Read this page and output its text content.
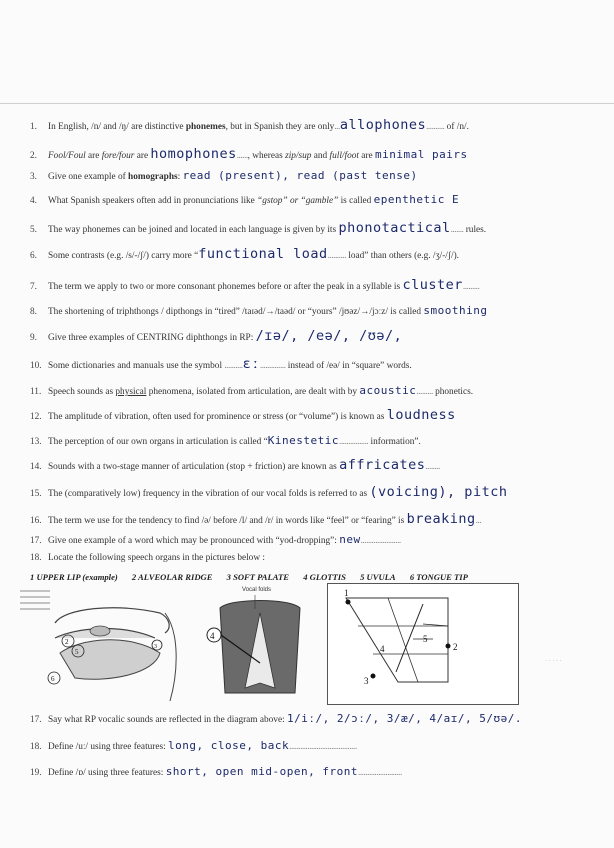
1. In English, /n/ and /ŋ/ are distinctive phonemes, but in Spanish they are only...allophones.......... of /n/.
2. Fool/Foul are fore/four are homophones......, whereas zip/sup and full/foot are minimal pairs
3. Give one example of homographs: read (present), read (past tense)
4. What Spanish speakers often add in pronunciations like “gstop” or “gamble” is called epenthetic E
5. The way phonemes can be joined and located in each language is given by its phonotactical....... rules.
6. Some contrasts (e.g. /s/-/ʃ/) carry more “functional load.......... load” than others (e.g. /ʒ/-/ʃ/).
7. The term we apply to two or more consonant phonemes before or after the peak in a syllable is cluster.........
8. The shortening of triphthongs / dipthongs in “tired” /taɪəd/→/taəd/ or “yours” /jʊəz/→/jɔːz/ is called smoothing
9. Give three examples of CENTRING diphthongs in RP: /ɪə/, /eə/, /ʊə/,
10. Some dictionaries and manuals use the symbol ..........ɛː.............. instead of /eə/ in “square” words.
11. Speech sounds as physical phenomena, isolated from articulation, are dealt with by acoustic......... phonetics.
12. The amplitude of vibration, often used for prominence or stress (or “volume”) is known as loudness
13. The perception of our own organs in articulation is called “Kinestetic................ information”.
14. Sounds with a two-stage manner of articulation (stop + friction) are known as affricates........
15. The (comparatively low) frequency in the vibration of our vocal folds is referred to as (voicing), pitch
16. The term we use for the tendency to find /ə/ before /l/ and /r/ in words like “feel” or “fearing” is breaking...
17. Give one example of a word which may be pronounced with “yod-dropping”: new......................
18. Locate the following speech organs in the pictures below :
1 UPPER LIP (example) 2 ALVEOLAR RIDGE 3 SOFT PALATE 4 GLOTTIS 5 UVULA 6 TONGUE TIP
2
5
6
3
Vocal folds
4
1
2
3
4
5
· · · · ·
17. Say what RP vocalic sounds are reflected in the diagram above: 1/iː/, 2/ɔː/, 3/æ/, 4/aɪ/, 5/ʊə/.
18. Define /uː/ using three features: long, close, back.....................................
19. Define /ɒ/ using three features: short, open mid-open, front........................
